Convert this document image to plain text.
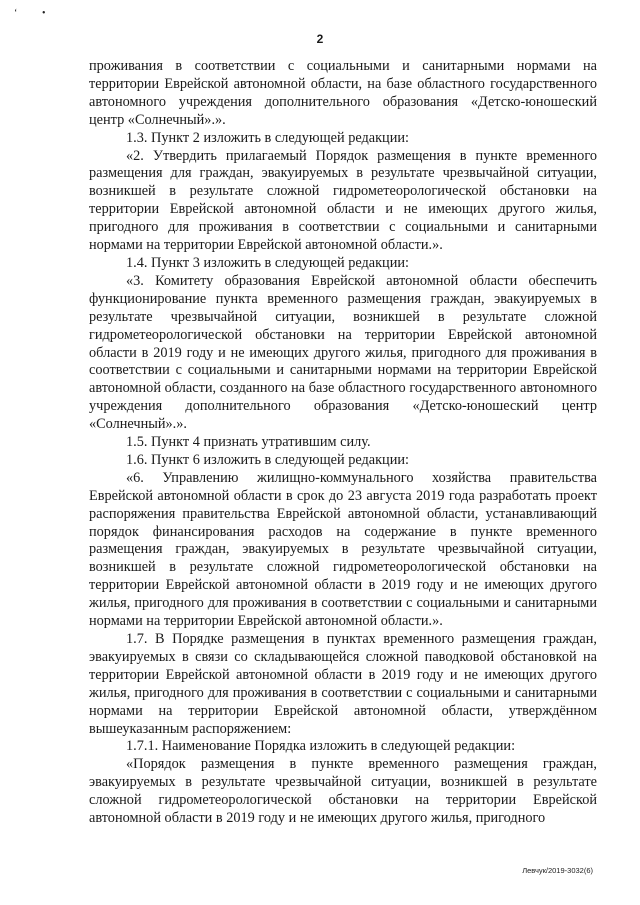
‘ •
2

проживания в соответствии с социальными и санитарными нормами на территории Еврейской автономной области, на базе областного государственного автономного учреждения дополнительного образования «Детско-юношеский центр «Солнечный».».

1.3. Пункт 2 изложить в следующей редакции:

«2. Утвердить прилагаемый Порядок размещения в пункте временного размещения для граждан, эвакуируемых в результате чрезвычайной ситуации, возникшей в результате сложной гидрометеорологической обстановки на территории Еврейской автономной области и не имеющих другого жилья, пригодного для проживания в соответствии с социальными и санитарными нормами на территории Еврейской автономной области.».

1.4. Пункт 3 изложить в следующей редакции:

«3. Комитету образования Еврейской автономной области обеспечить функционирование пункта временного размещения граждан, эвакуируемых в результате чрезвычайной ситуации, возникшей в результате сложной гидрометеорологической обстановки на территории Еврейской автономной области в 2019 году и не имеющих другого жилья, пригодного для проживания в соответствии с социальными и санитарными нормами на территории Еврейской автономной области, созданного на базе областного государственного автономного учреждения дополнительного образования «Детско-юношеский центр «Солнечный».».

1.5. Пункт 4 признать утратившим силу.

1.6. Пункт 6 изложить в следующей редакции:

«6. Управлению жилищно-коммунального хозяйства правительства Еврейской автономной области в срок до 23 августа 2019 года разработать проект распоряжения правительства Еврейской автономной области, устанавливающий порядок финансирования расходов на содержание в пункте временного размещения граждан, эвакуируемых в результате чрезвычайной ситуации, возникшей в результате сложной гидрометеорологической обстановки на территории Еврейской автономной области в 2019 году и не имеющих другого жилья, пригодного для проживания в соответствии с социальными и санитарными нормами на территории Еврейской автономной области.».

1.7. В Порядке размещения в пунктах временного размещения граждан, эвакуируемых в связи со складывающейся сложной паводковой обстановкой на территории Еврейской автономной области в 2019 году и не имеющих другого жилья, пригодного для проживания в соответствии с социальными и санитарными нормами на территории Еврейской автономной области, утверждённом вышеуказанным распоряжением:

1.7.1. Наименование Порядка изложить в следующей редакции:

«Порядок размещения в пункте временного размещения граждан, эвакуируемых в результате чрезвычайной ситуации, возникшей в результате сложной гидрометеорологической обстановки на территории Еврейской автономной области в 2019 году и не имеющих другого жилья, пригодного

Левчук/2019-3032(6)
